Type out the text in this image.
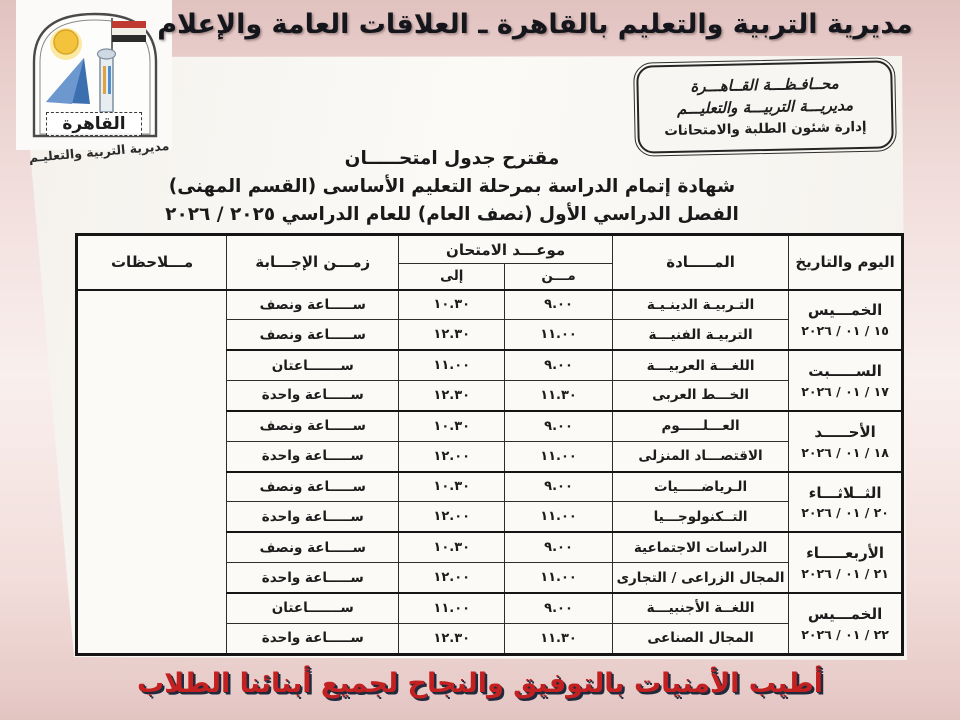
مديرية التربية والتعليم بالقاهرة ـ العلاقات العامة والإعلام
القاهرة
مديرية التربية والتعليـم
محــافـظـــة القــاهـــرة
مديريـــة التربيـــة والتعليـــم
إدارة شئون الطلبة والامتحانات
مقترح جدول امتحـــــان
شهادة إتمام الدراسة بمرحلة التعليم الأساسى (القسم المهنى)
الفصل الدراسي الأول (نصف العام) للعام الدراسي ٢٠٢٥ / ٢٠٢٦
اليوم والتاريخ	المـــــادة	موعـــد الامتحان		زمـــن الإجـــابة	مـــلاحظات
		مـــن	إلى		

الخمـــيس
١٥ / ٠١ / ٢٠٢٦	التـربيـة الدينـيـة	٩.٠٠	١٠.٣٠	ســـــاعة ونصف	
	التربيـة الفنيـــة	١١.٠٠	١٢.٣٠	ســـــاعة ونصف	

الســـــبت
١٧ / ٠١ / ٢٠٢٦	اللغـــة العربيـــة	٩.٠٠	١١.٠٠	ســـــــاعتان	
	الخـــط العربى	١١.٣٠	١٢.٣٠	ســـــاعة واحدة	

الأحـــــد
١٨ / ٠١ / ٢٠٢٦	العـــلـــــوم	٩.٠٠	١٠.٣٠	ســـــاعة ونصف	
	الاقتصـــاد المنزلى	١١.٠٠	١٢.٠٠	ســـــاعة واحدة	

الثــلاثـــاء
٢٠ / ٠١ / ٢٠٢٦	الـرياضـــــيات	٩.٠٠	١٠.٣٠	ســـــاعة ونصف	
	التــكنولوجـــيا	١١.٠٠	١٢.٠٠	ســـــاعة واحدة	

الأربعـــــاء
٢١ / ٠١ / ٢٠٢٦	الدراسات الاجتماعية	٩.٠٠	١٠.٣٠	ســـــاعة ونصف	
	المجال الزراعى / التجارى	١١.٠٠	١٢.٠٠	ســـــاعة واحدة	

الخمـــيس
٢٢ / ٠١ / ٢٠٢٦	اللغــة الأجنبيـــة	٩.٠٠	١١.٠٠	ســـــــاعتان	
	المجال الصناعى	١١.٣٠	١٢.٣٠	ســـــاعة واحدة	
أطيب الأمنيات بالتوفيق والنجاح لجميع أبنائنا الطلاب
